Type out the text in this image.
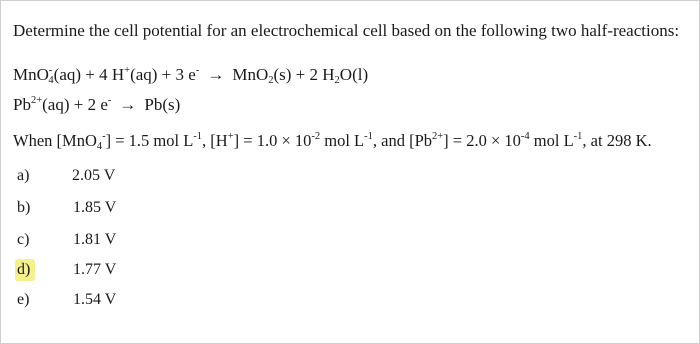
Determine the cell potential for an electrochemical cell based on the following two half-reactions:
MnO-$_4$(aq) + 4 H+(aq) + 3 e- → MnO$_2$(s) + 2 $H_2O(l)$
$Pb^{2+}(aq) + 2$ e- → Pb(s)
When [MnO$_4$-] = 1.5 mol $L^{-1}$, $[H^+] = 1.0 \times 10^{-2}$ mol $L^{-1}$, and $[Pb^{2+}] = 2.0 \times 10^{-4}$ mol $L^{-1}$, at 298 K.
a)	2.05 V
b)	1.85 V
c)	1.81 V
d)	1.77 V
e)	1.54 V
